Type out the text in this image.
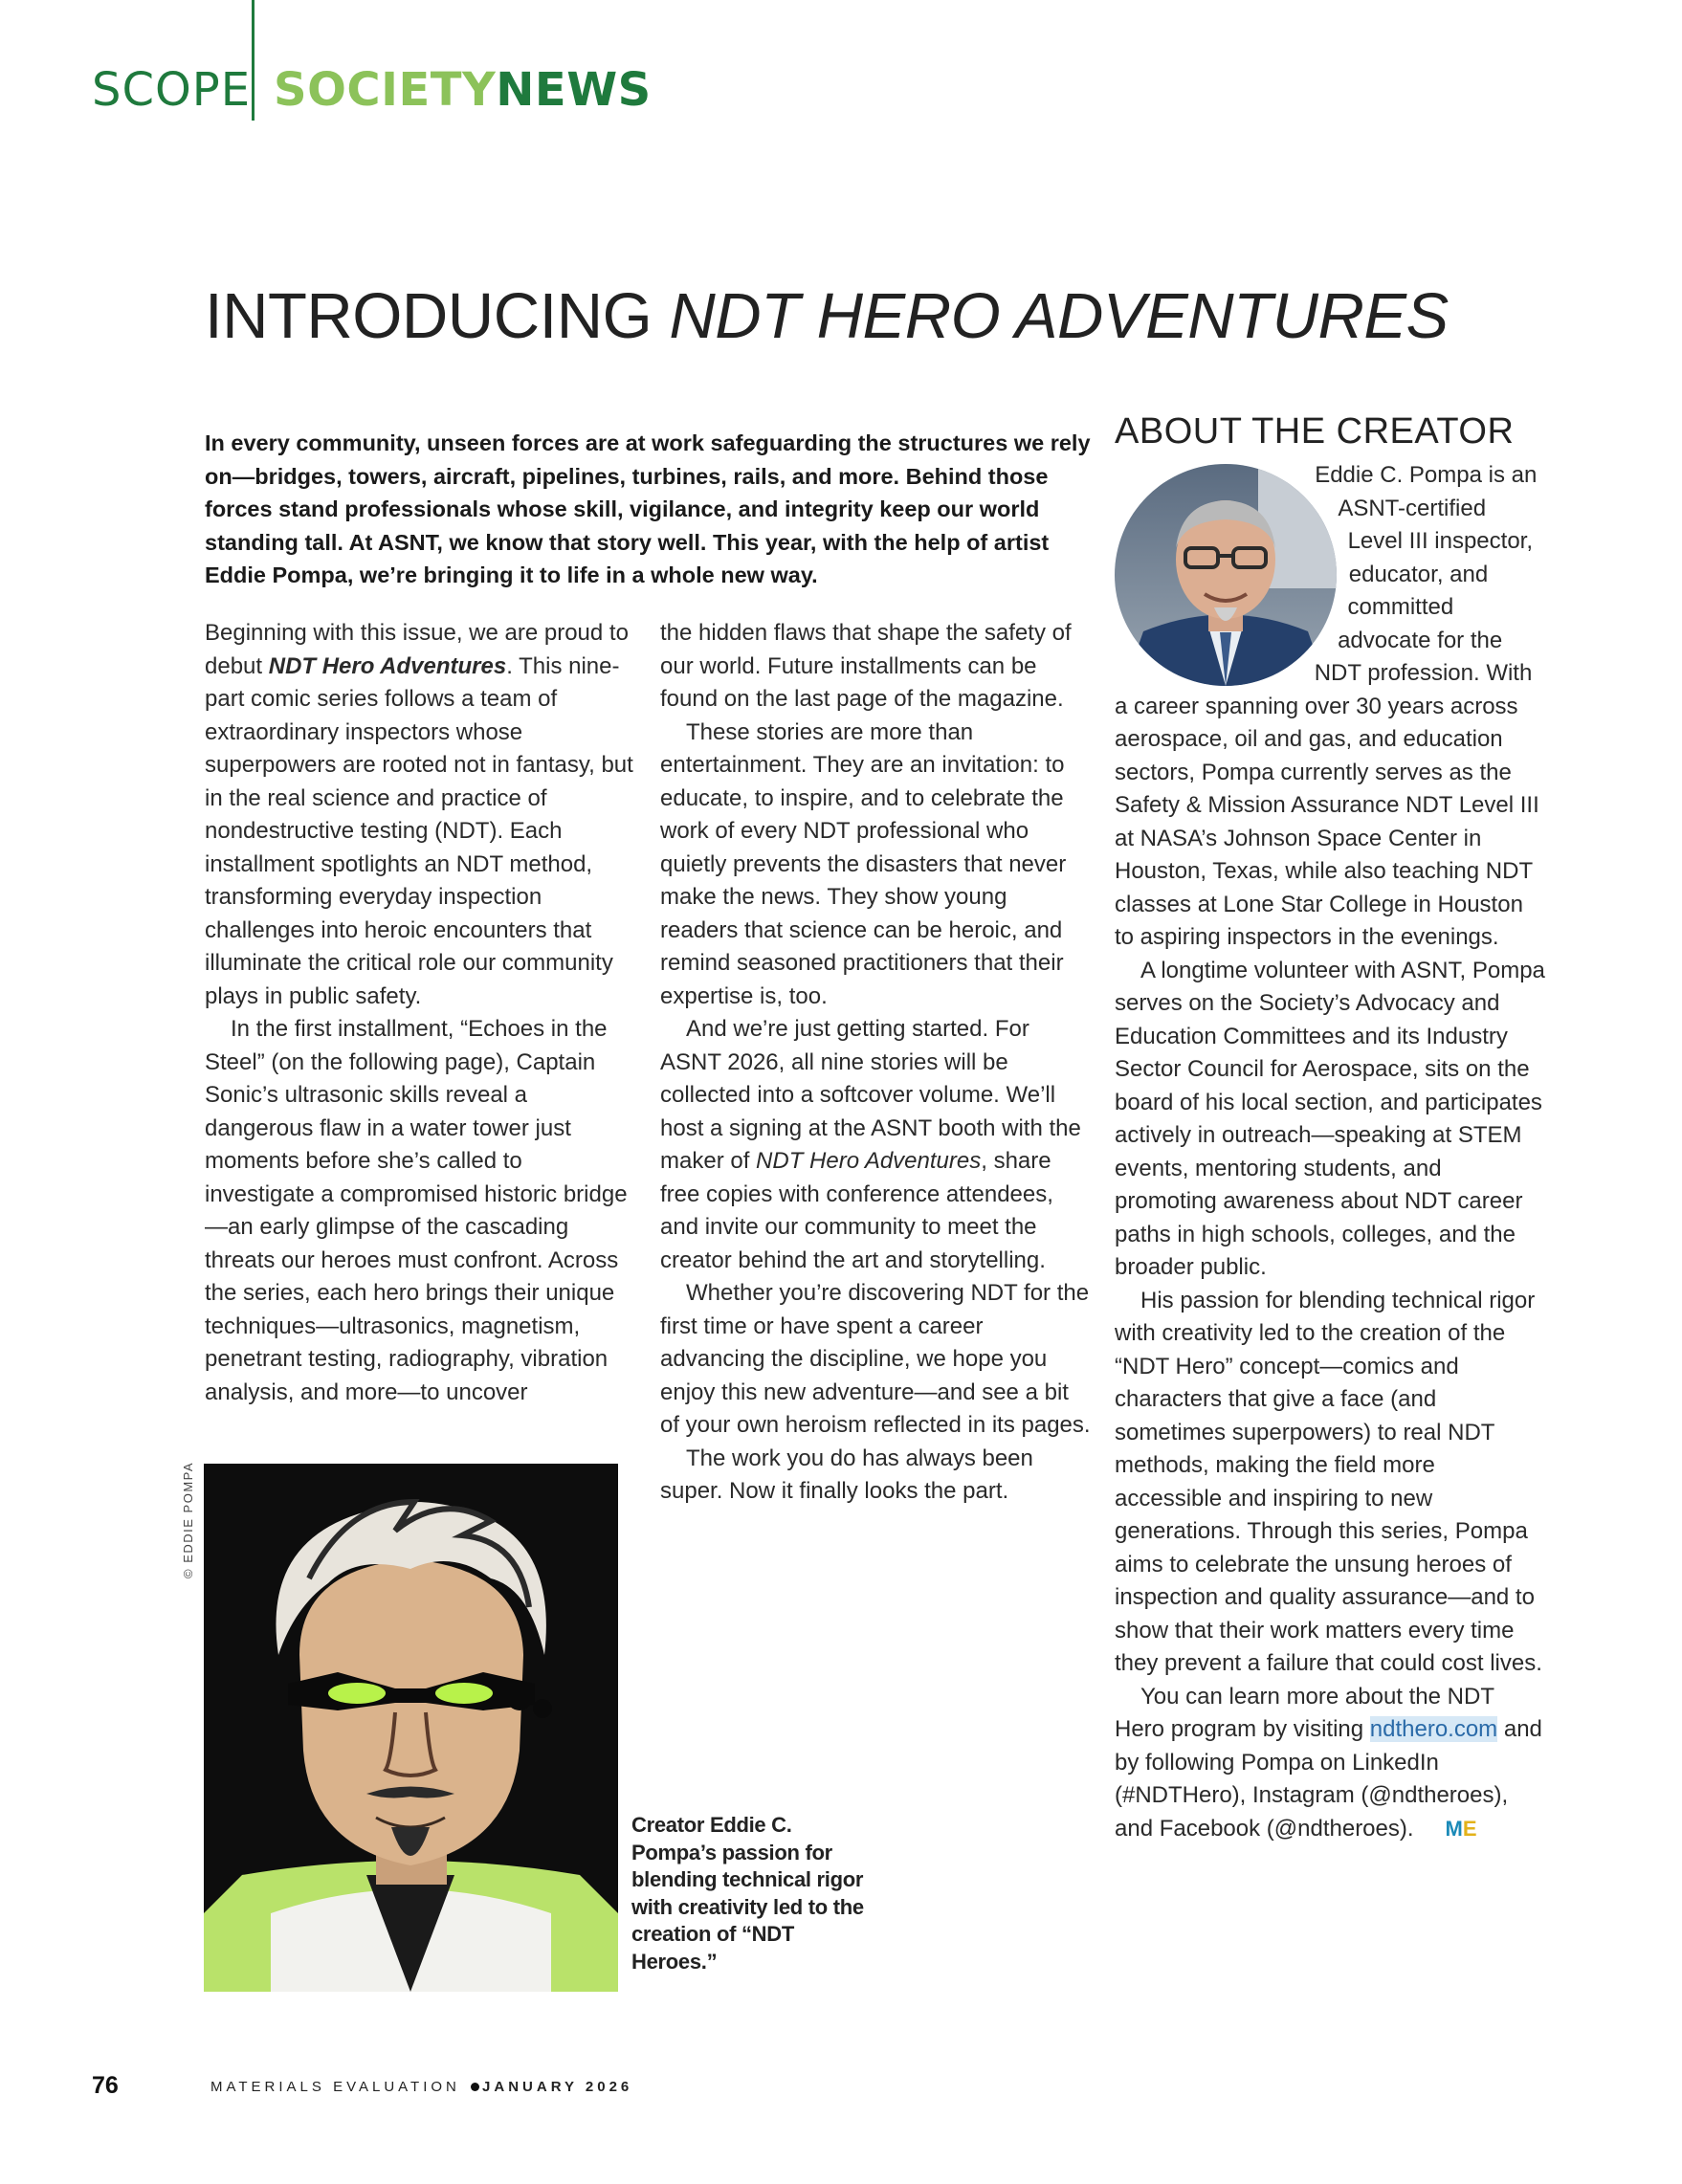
SCOPE SOCIETYNEWS
INTRODUCING NDT HERO ADVENTURES

In every community, unseen forces are at work safeguarding the structures we rely on—bridges, towers, aircraft, pipelines, turbines, rails, and more. Behind those forces stand professionals whose skill, vigilance, and integrity keep our world standing tall. At ASNT, we know that story well. This year, with the help of artist Eddie Pompa, we’re bringing it to life in a whole new way.

Beginning with this issue, we are proud to debut NDT Hero Adventures. This nine-part comic series follows a team of extraordinary inspectors whose superpowers are rooted not in fantasy, but in the real science and practice of nondestructive testing (NDT). Each installment spotlights an NDT method, transforming everyday inspection challenges into heroic encounters that illuminate the critical role our community plays in public safety.

In the first installment, “Echoes in the Steel” (on the following page), Captain Sonic’s ultrasonic skills reveal a dangerous flaw in a water tower just moments before she’s called to investigate a compromised historic bridge—an early glimpse of the cascading threats our heroes must confront. Across the series, each hero brings their unique techniques—ultrasonics, magnetism, penetrant testing, radiography, vibration analysis, and more—to uncover

the hidden flaws that shape the safety of our world. Future installments can be found on the last page of the magazine.

These stories are more than entertainment. They are an invitation: to educate, to inspire, and to celebrate the work of every NDT professional who quietly prevents the disasters that never make the news. They show young readers that science can be heroic, and remind seasoned practitioners that their expertise is, too.

And we’re just getting started. For ASNT 2026, all nine stories will be collected into a softcover volume. We’ll host a signing at the ASNT booth with the maker of NDT Hero Adventures, share free copies with conference attendees, and invite our community to meet the creator behind the art and storytelling.

Whether you’re discovering NDT for the first time or have spent a career advancing the discipline, we hope you enjoy this new adventure—and see a bit of your own heroism reflected in its pages.

The work you do has always been super. Now it finally looks the part.

ABOUT THE CREATOR

Eddie C. Pompa is an ASNT-certified Level III inspector, educator, and committed advocate for the NDT profession. With a career spanning over 30 years across aerospace, oil and gas, and education sectors, Pompa currently serves as the Safety & Mission Assurance NDT Level III at NASA’s Johnson Space Center in Houston, Texas, while also teaching NDT classes at Lone Star College in Houston to aspiring inspectors in the evenings.

A longtime volunteer with ASNT, Pompa serves on the Society’s Advocacy and Education Committees and its Industry Sector Council for Aerospace, sits on the board of his local section, and participates actively in outreach—speaking at STEM events, mentoring students, and promoting awareness about NDT career paths in high schools, colleges, and the broader public.

His passion for blending technical rigor with creativity led to the creation of the “NDT Hero” concept—comics and characters that give a face (and sometimes superpowers) to real NDT methods, making the field more accessible and inspiring to new generations. Through this series, Pompa aims to celebrate the unsung heroes of inspection and quality assurance—and to show that their work matters every time they prevent a failure that could cost lives.

You can learn more about the NDT Hero program by visiting ndthero.com and by following Pompa on LinkedIn (#NDTHero), Instagram (@ndtheroes), and Facebook (@ndtheroes). ME

© EDDIE POMPA

Creator Eddie C. Pompa’s passion for blending technical rigor with creativity led to the creation of “NDT Heroes.”

76	MATERIALS EVALUATION JANUARY 2026
